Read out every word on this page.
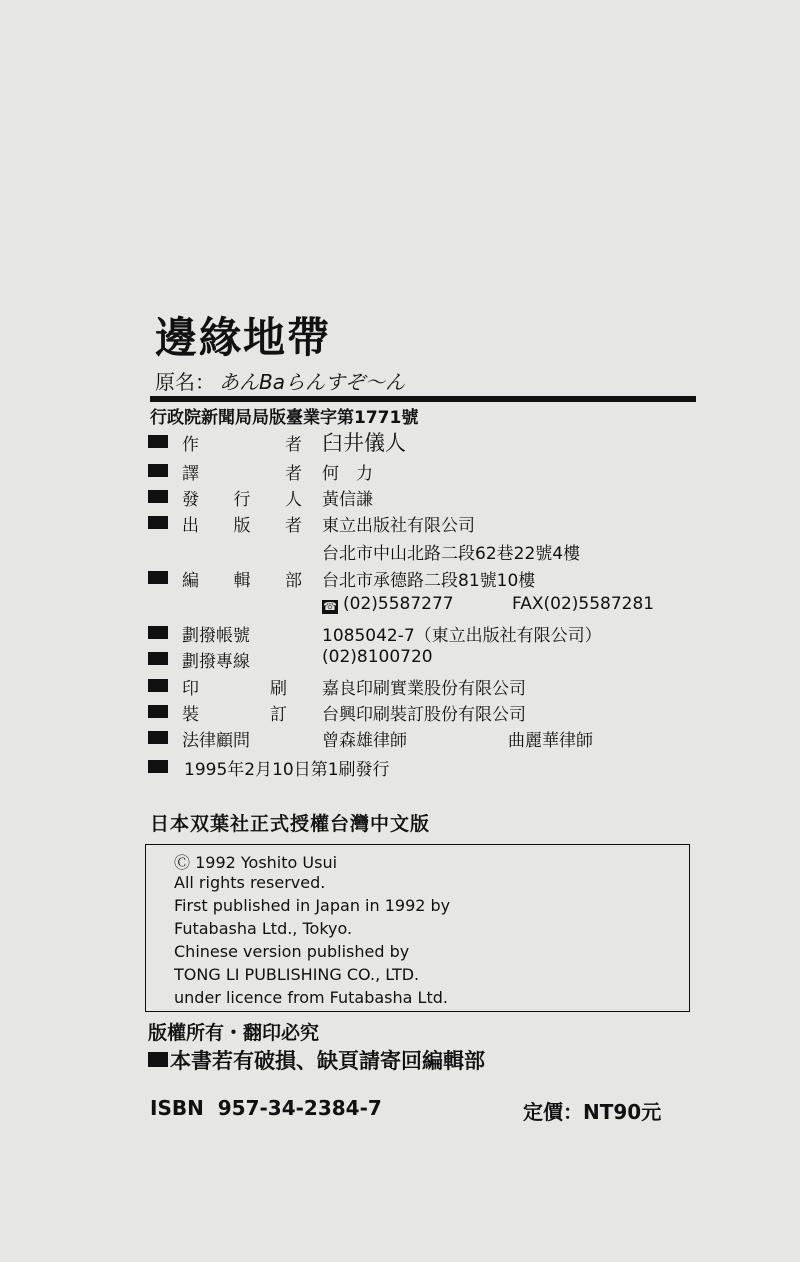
邊緣地帶
原名： あんBaらんすぞ〜ん
行政院新聞局局版臺業字第1771號
作	者 臼井儀人
譯	者 何　力
發 行 人 黃信謙
出 版 者 東立出版社有限公司
台北市中山北路二段62巷22號4樓
編 輯 部 台北市承德路二段81號10樓
☎ (02)5587277	FAX(02)5587281
劃撥帳號	1085042-7（東立出版社有限公司）
劃撥專線	(02)8100720
印	刷 嘉良印刷實業股份有限公司
裝	訂 台興印刷裝訂股份有限公司
法律顧問	曾森雄律師	曲麗華律師
1995年2月10日第1刷發行
日本双葉社正式授權台灣中文版
Ⓒ 1992 Yoshito Usui
All rights reserved.
First published in Japan in 1992 by
Futabasha Ltd., Tokyo.
Chinese version published by
TONG LI PUBLISHING CO., LTD.
under licence from Futabasha Ltd.
版權所有・翻印必究
本書若有破損、缺頁請寄回編輯部
ISBN  957-34-2384-7	定價：NT90元
